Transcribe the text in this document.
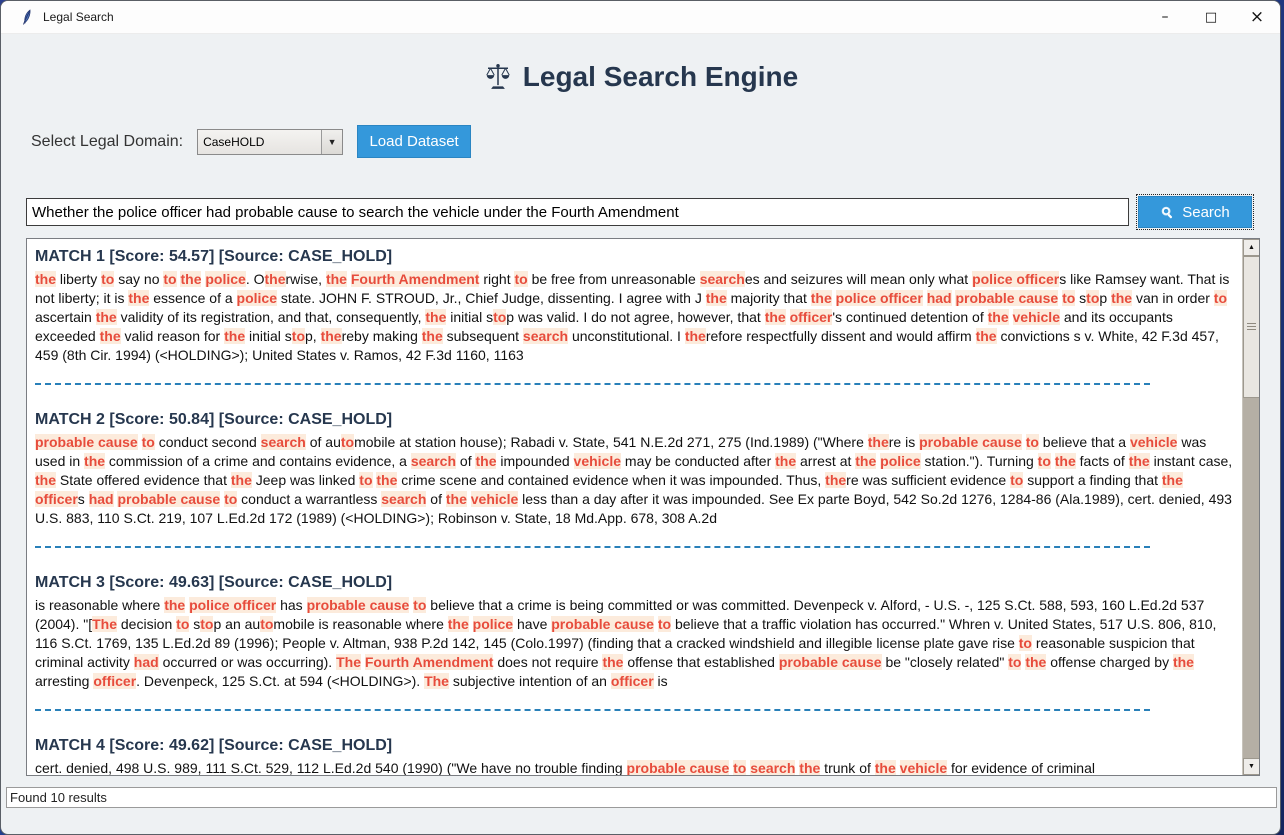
Legal Search	–	□	×
Legal Search Engine
Select Legal Domain:	CaseHOLD	▼	Load Dataset
Whether the police officer had probable cause to search the vehicle under the Fourth Amendment
Search
MATCH 1 [Score: 54.57] [Source: CASE_HOLD]
the liberty to say no to the police. Otherwise, the Fourth Amendment right to be free from unreasonable searches and seizures will mean only what police officers like Ramsey want. That is not liberty; it is the essence of a police state. JOHN F. STROUD, Jr., Chief Judge, dissenting. I agree with J the majority that the police officer had probable cause to stop the van in order to ascertain the validity of its registration, and that, consequently, the initial stop was valid. I do not agree, however, that the officer's continued detention of the vehicle and its occupants exceeded the valid reason for the initial stop, thereby making the subsequent search unconstitutional. I therefore respectfully dissent and would affirm the convictions s v. White, 42 F.3d 457, 459 (8th Cir. 1994) (<HOLDING>); United States v. Ramos, 42 F.3d 1160, 1163
MATCH 2 [Score: 50.84] [Source: CASE_HOLD]
probable cause to conduct second search of automobile at station house); Rabadi v. State, 541 N.E.2d 271, 275 (Ind.1989) ("Where there is probable cause to believe that a vehicle was used in the commission of a crime and contains evidence, a search of the impounded vehicle may be conducted after the arrest at the police station."). Turning to the facts of the instant case, the State offered evidence that the Jeep was linked to the crime scene and contained evidence when it was impounded. Thus, there was sufficient evidence to support a finding that the officers had probable cause to conduct a warrantless search of the vehicle less than a day after it was impounded. See Ex parte Boyd, 542 So.2d 1276, 1284-86 (Ala.1989), cert. denied, 493 U.S. 883, 110 S.Ct. 219, 107 L.Ed.2d 172 (1989) (<HOLDING>); Robinson v. State, 18 Md.App. 678, 308 A.2d
MATCH 3 [Score: 49.63] [Source: CASE_HOLD]
is reasonable where the police officer has probable cause to believe that a crime is being committed or was committed. Devenpeck v. Alford, - U.S. -, 125 S.Ct. 588, 593, 160 L.Ed.2d 537 (2004). "[The decision to stop an automobile is reasonable where the police have probable cause to believe that a traffic violation has occurred." Whren v. United States, 517 U.S. 806, 810, 116 S.Ct. 1769, 135 L.Ed.2d 89 (1996); People v. Altman, 938 P.2d 142, 145 (Colo.1997) (finding that a cracked windshield and illegible license plate gave rise to reasonable suspicion that criminal activity had occurred or was occurring). The Fourth Amendment does not require the offense that established probable cause be "closely related" to the offense charged by the arresting officer. Devenpeck, 125 S.Ct. at 594 (<HOLDING>). The subjective intention of an officer is
MATCH 4 [Score: 49.62] [Source: CASE_HOLD]
cert. denied, 498 U.S. 989, 111 S.Ct. 529, 112 L.Ed.2d 540 (1990) ("We have no trouble finding probable cause to search the trunk of the vehicle for evidence of criminal
▲
▼
Found 10 results
